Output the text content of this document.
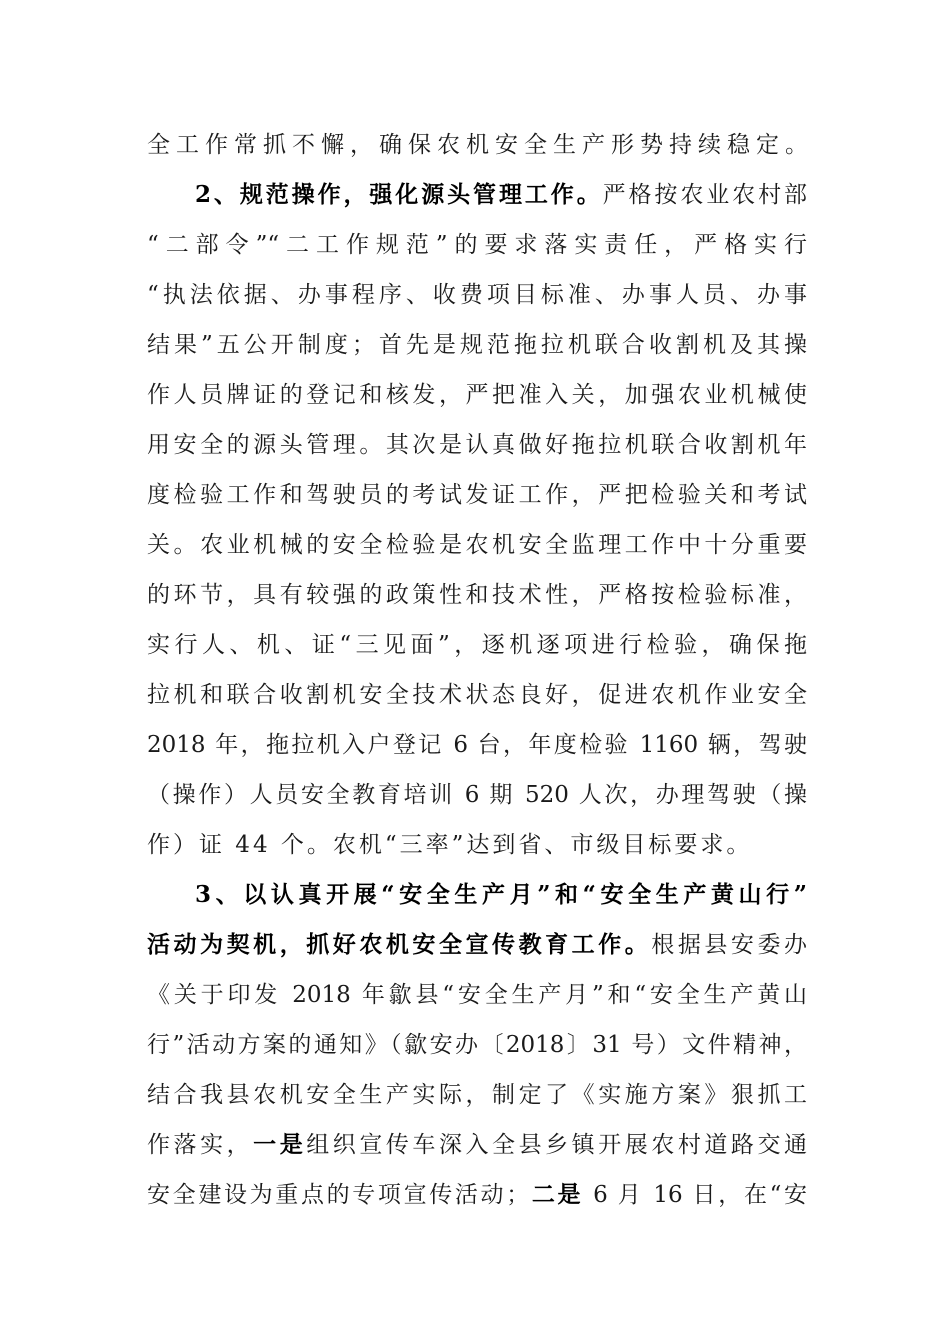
全工作常抓不懈，确保农机安全生产形势持续稳定。
2、规范操作，强化源头管理工作。严格按农业农村部
“二部令”“二工作规范”的要求落实责任，严格实行
“执法依据、办事程序、收费项目标准、办事人员、办事
结果”五公开制度；首先是规范拖拉机联合收割机及其操
作人员牌证的登记和核发，严把准入关，加强农业机械使
用安全的源头管理。其次是认真做好拖拉机联合收割机年
度检验工作和驾驶员的考试发证工作，严把检验关和考试
关。农业机械的安全检验是农机安全监理工作中十分重要
的环节，具有较强的政策性和技术性，严格按检验标准，
实行人、机、证“三见面”，逐机逐项进行检验，确保拖
拉机和联合收割机安全技术状态良好，促进农机作业安全
2018 年，拖拉机入户登记 6 台，年度检验 1160 辆，驾驶
（操作）人员安全教育培训 6 期 520 人次，办理驾驶（操
作）证 44 个。农机“三率”达到省、市级目标要求。
3、以认真开展“安全生产月”和“安全生产黄山行”
活动为契机，抓好农机安全宣传教育工作。根据县安委办
《关于印发 2018 年歙县“安全生产月”和“安全生产黄山
行”活动方案的通知》（歙安办〔2018〕31 号）文件精神，
结合我县农机安全生产实际，制定了《实施方案》狠抓工
作落实，一是组织宣传车深入全县乡镇开展农村道路交通
安全建设为重点的专项宣传活动；二是 6 月 16 日，在“安
